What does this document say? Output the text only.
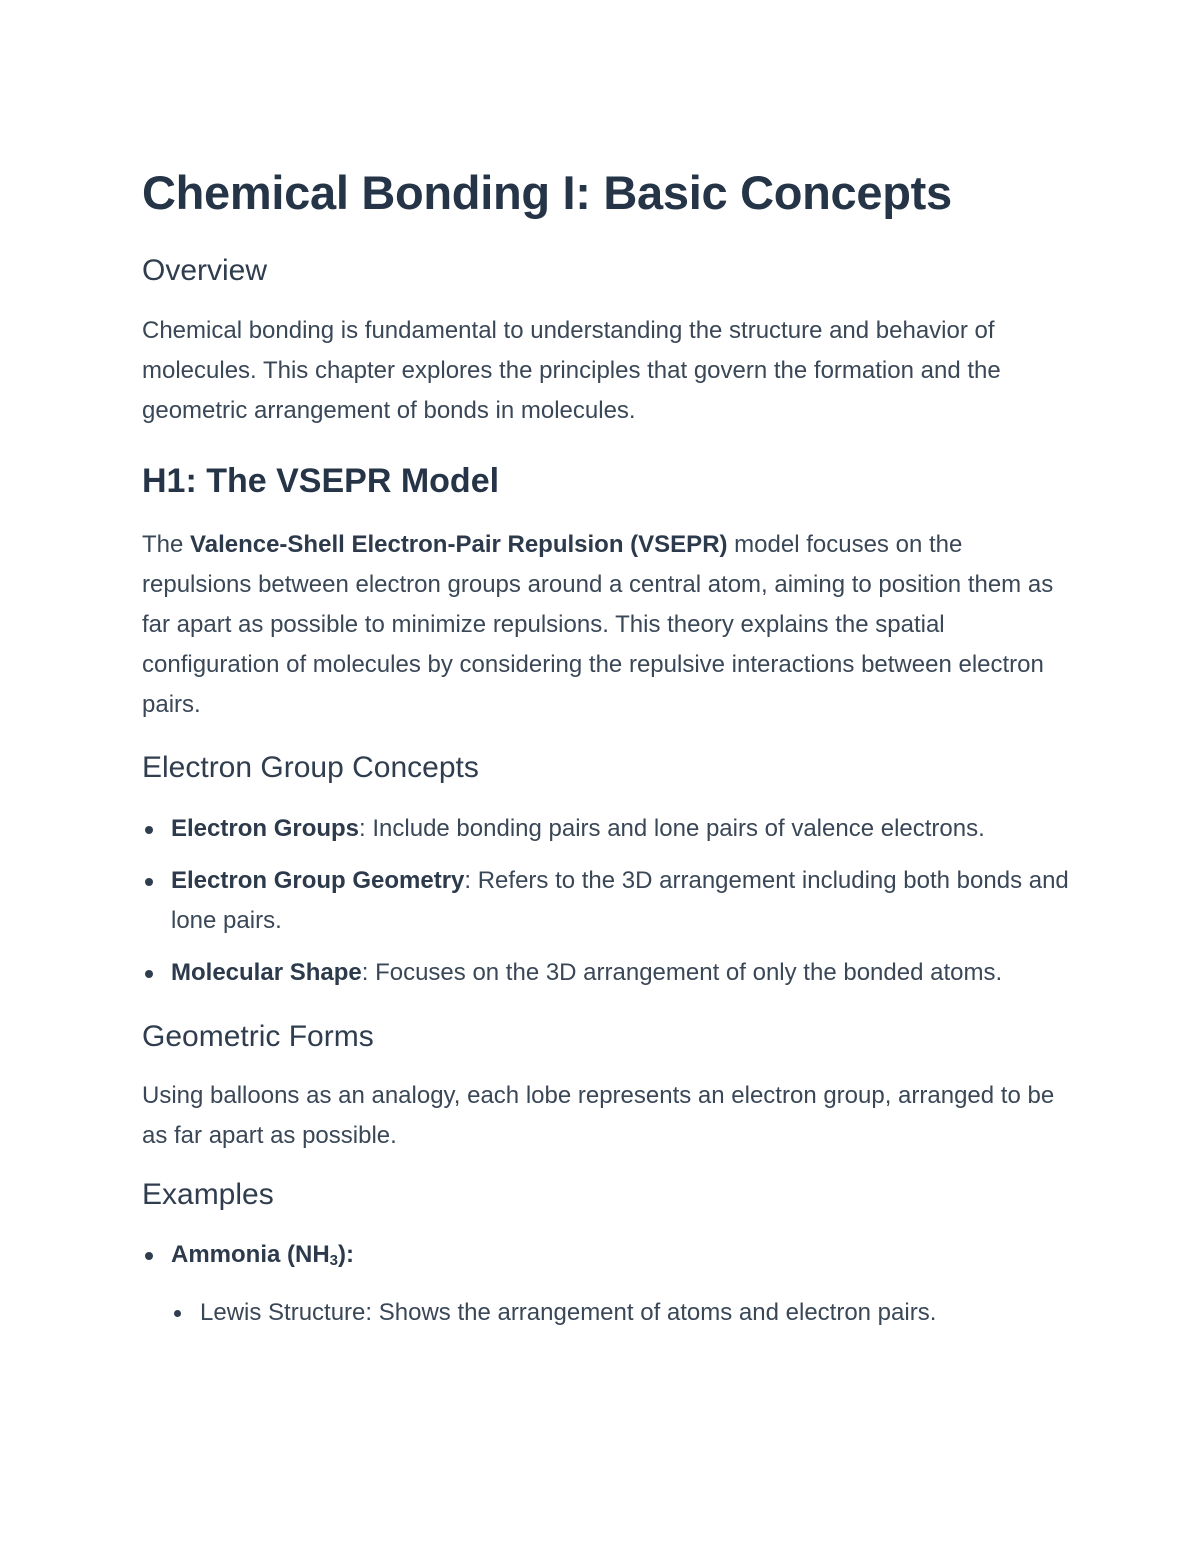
Chemical Bonding I: Basic Concepts
Overview

Chemical bonding is fundamental to understanding the structure and behavior of molecules. This chapter explores the principles that govern the formation and the geometric arrangement of bonds in molecules.

H1: The VSEPR Model

The Valence-Shell Electron-Pair Repulsion (VSEPR) model focuses on the repulsions between electron groups around a central atom, aiming to position them as far apart as possible to minimize repulsions. This theory explains the spatial configuration of molecules by considering the repulsive interactions between electron pairs.

Electron Group Concepts
Electron Groups: Include bonding pairs and lone pairs of valence electrons.
Electron Group Geometry: Refers to the 3D arrangement including both bonds and lone pairs.
Molecular Shape: Focuses on the 3D arrangement of only the bonded atoms.
Geometric Forms

Using balloons as an analogy, each lobe represents an electron group, arranged to be as far apart as possible.

Examples
Ammonia $(NH_3)$:
Lewis Structure: Shows the arrangement of atoms and electron pairs.
